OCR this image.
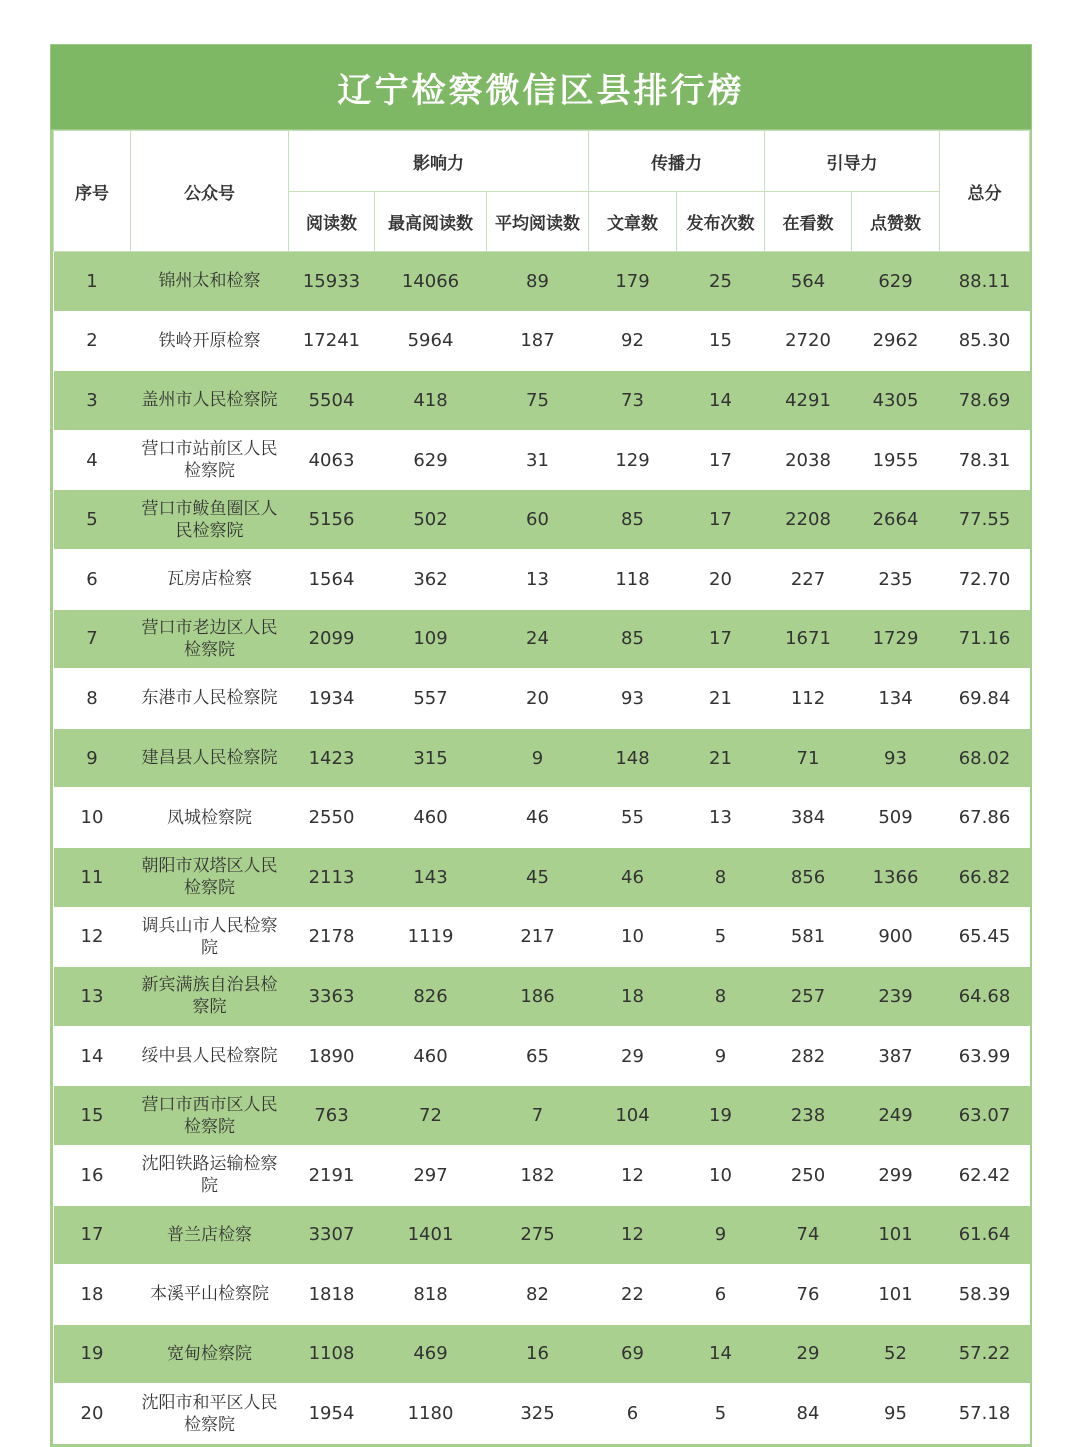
辽宁检察微信区县排行榜
序号	公众号	影响力			传播力		引导力		总分
		阅读数	最高阅读数	平均阅读数	文章数	发布次数	在看数	点赞数	
1	锦州太和检察	15933	14066	89	179	25	564	629	88.11
2	铁岭开原检察	17241	5964	187	92	15	2720	2962	85.30
3	盖州市人民检察院	5504	418	75	73	14	4291	4305	78.69
4	营口市站前区人民检察院	4063	629	31	129	17	2038	1955	78.31
5	营口市鲅鱼圈区人民检察院	5156	502	60	85	17	2208	2664	77.55
6	瓦房店检察	1564	362	13	118	20	227	235	72.70
7	营口市老边区人民检察院	2099	109	24	85	17	1671	1729	71.16
8	东港市人民检察院	1934	557	20	93	21	112	134	69.84
9	建昌县人民检察院	1423	315	9	148	21	71	93	68.02
10	凤城检察院	2550	460	46	55	13	384	509	67.86
11	朝阳市双塔区人民检察院	2113	143	45	46	8	856	1366	66.82
12	调兵山市人民检察院	2178	1119	217	10	5	581	900	65.45
13	新宾满族自治县检察院	3363	826	186	18	8	257	239	64.68
14	绥中县人民检察院	1890	460	65	29	9	282	387	63.99
15	营口市西市区人民检察院	763	72	7	104	19	238	249	63.07
16	沈阳铁路运输检察院	2191	297	182	12	10	250	299	62.42
17	普兰店检察	3307	1401	275	12	9	74	101	61.64
18	本溪平山检察院	1818	818	82	22	6	76	101	58.39
19	宽甸检察院	1108	469	16	69	14	29	52	57.22
20	沈阳市和平区人民检察院	1954	1180	325	6	5	84	95	57.18
